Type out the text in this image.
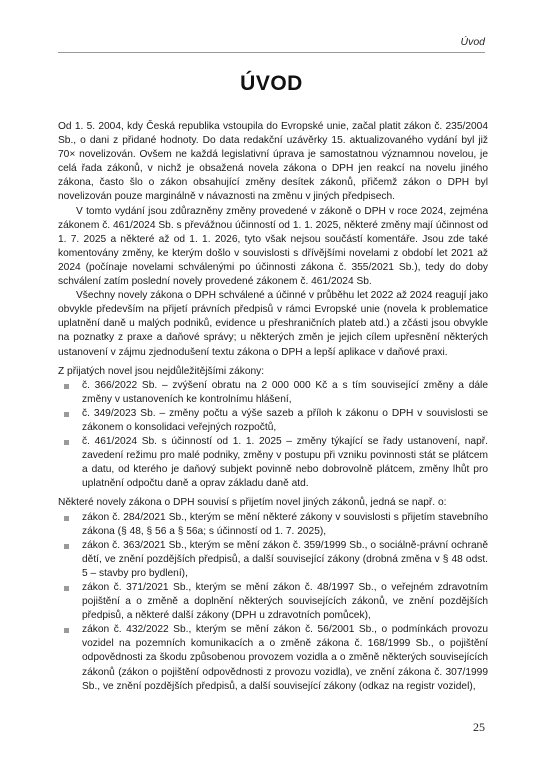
Úvod
ÚVOD

Od 1. 5. 2004, kdy Česká republika vstoupila do Evropské unie, začal platit zákon č. 235/2004 Sb., o dani z přidané hodnoty. Do data redakční uzávěrky 15. aktualizovaného vydání byl již 70× novelizován. Ovšem ne každá legislativní úprava je samostatnou významnou novelou, je celá řada zákonů, v nichž je obsažená novela zákona o DPH jen reakcí na novelu jiného zákona, často šlo o zákon obsahující změny desítek zákonů, přičemž zákon o DPH byl novelizován pouze marginálně v návaznosti na změnu v jiných předpisech.

V tomto vydání jsou zdůrazněny změny provedené v zákoně o DPH v roce 2024, zejména zákonem č. 461/2024 Sb. s převážnou účinností od 1. 1. 2025, některé změny mají účinnost od 1. 7. 2025 a některé až od 1. 1. 2026, tyto však nejsou součástí komentáře. Jsou zde také komentovány změny, ke kterým došlo v souvislosti s dřívějšími novelami z období let 2021 až 2024 (počínaje novelami schválenými po účinnosti zákona č. 355/2021 Sb.), tedy do doby schválení zatím poslední novely provedené zákonem č. 461/2024 Sb.

Všechny novely zákona o DPH schválené a účinné v průběhu let 2022 až 2024 reagují jako obvykle především na přijetí právních předpisů v rámci Evropské unie (novela k problematice uplatnění daně u malých podniků, evidence u přeshraničních plateb atd.) a zčásti jsou obvykle na poznatky z praxe a daňové správy; u některých změn je jejich cílem upřesnění některých ustanovení v zájmu zjednodušení textu zákona o DPH a lepší aplikace v daňové praxi.

Z přijatých novel jsou nejdůležitějšími zákony:

č. 366/2022 Sb. – zvýšení obratu na 2 000 000 Kč a s tím související změny a dále změny v ustanoveních ke kontrolnímu hlášení,
č. 349/2023 Sb. – změny počtu a výše sazeb a příloh k zákonu o DPH v souvislosti se zákonem o konsolidaci veřejných rozpočtů,
č. 461/2024 Sb. s účinností od 1. 1. 2025 – změny týkající se řady ustanovení, např. zavedení režimu pro malé podniky, změny v postupu při vzniku povinnosti stát se plátcem a datu, od kterého je daňový subjekt povinně nebo dobrovolně plátcem, změny lhůt pro uplatnění odpočtu daně a oprav základu daně atd.

Některé novely zákona o DPH souvisí s přijetím novel jiných zákonů, jedná se např. o:

zákon č. 284/2021 Sb., kterým se mění některé zákony v souvislosti s přijetím stavebního zákona (§ 48, § 56 a § 56a; s účinností od 1. 7. 2025),
zákon č. 363/2021 Sb., kterým se mění zákon č. 359/1999 Sb., o sociálně-právní ochraně dětí, ve znění pozdějších předpisů, a další související zákony (drobná změna v § 48 odst. 5 – stavby pro bydlení),
zákon č. 371/2021 Sb., kterým se mění zákon č. 48/1997 Sb., o veřejném zdravotním pojištění a o změně a doplnění některých souvisejících zákonů, ve znění pozdějších předpisů, a některé další zákony (DPH u zdravotních pomůcek),
zákon č. 432/2022 Sb., kterým se mění zákon č. 56/2001 Sb., o podmínkách provozu vozidel na pozemních komunikacích a o změně zákona č. 168/1999 Sb., o pojištění odpovědnosti za škodu způsobenou provozem vozidla a o změně některých souvisejících zákonů (zákon o pojištění odpovědnosti z provozu vozidla), ve znění zákona č. 307/1999 Sb., ve znění pozdějších předpisů, a další související zákony (odkaz na registr vozidel),
25
